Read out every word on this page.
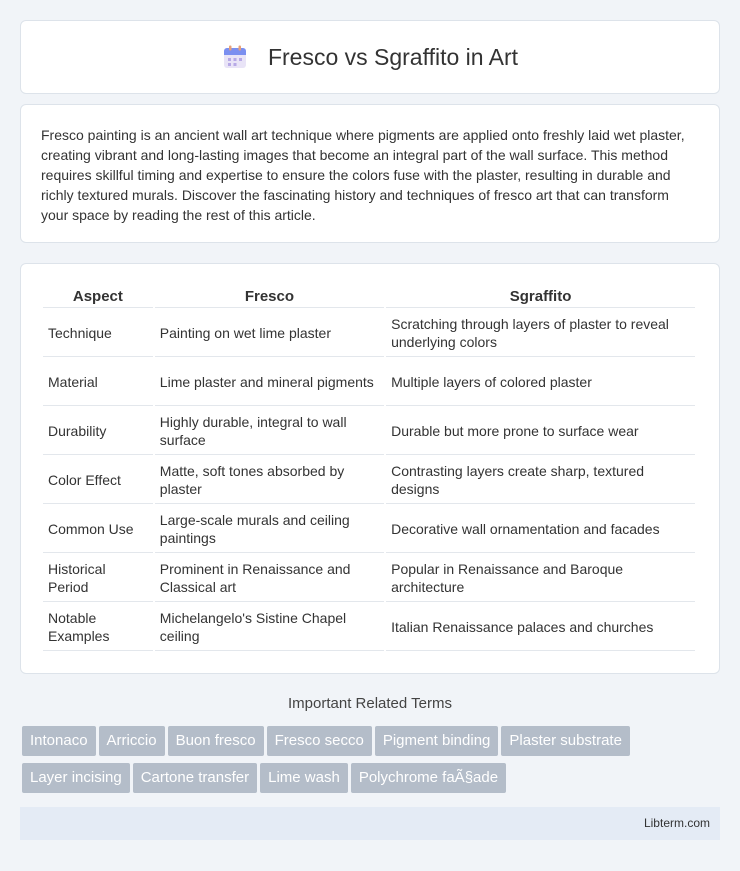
Fresco vs Sgraffito in Art

Fresco painting is an ancient wall art technique where pigments are applied onto freshly laid wet plaster, creating vibrant and long-lasting images that become an integral part of the wall surface. This method requires skillful timing and expertise to ensure the colors fuse with the plaster, resulting in durable and richly textured murals. Discover the fascinating history and techniques of fresco art that can transform your space by reading the rest of this article.

Aspect	Fresco	Sgraffito
Technique	Painting on wet lime plaster	Scratching through layers of plaster to reveal underlying colors
Material	Lime plaster and mineral pigments	Multiple layers of colored plaster
Durability	Highly durable, integral to wall surface	Durable but more prone to surface wear
Color Effect	Matte, soft tones absorbed by plaster	Contrasting layers create sharp, textured designs
Common Use	Large-scale murals and ceiling paintings	Decorative wall ornamentation and facades
Historical Period	Prominent in Renaissance and Classical art	Popular in Renaissance and Baroque architecture
Notable Examples	Michelangelo's Sistine Chapel ceiling	Italian Renaissance palaces and churches
Important Related Terms
Intonaco Arriccio Buon fresco Fresco secco Pigment binding Plaster substrate
Layer incising Cartone transfer Lime wash Polychrome faÃ§ade
Libterm.com
